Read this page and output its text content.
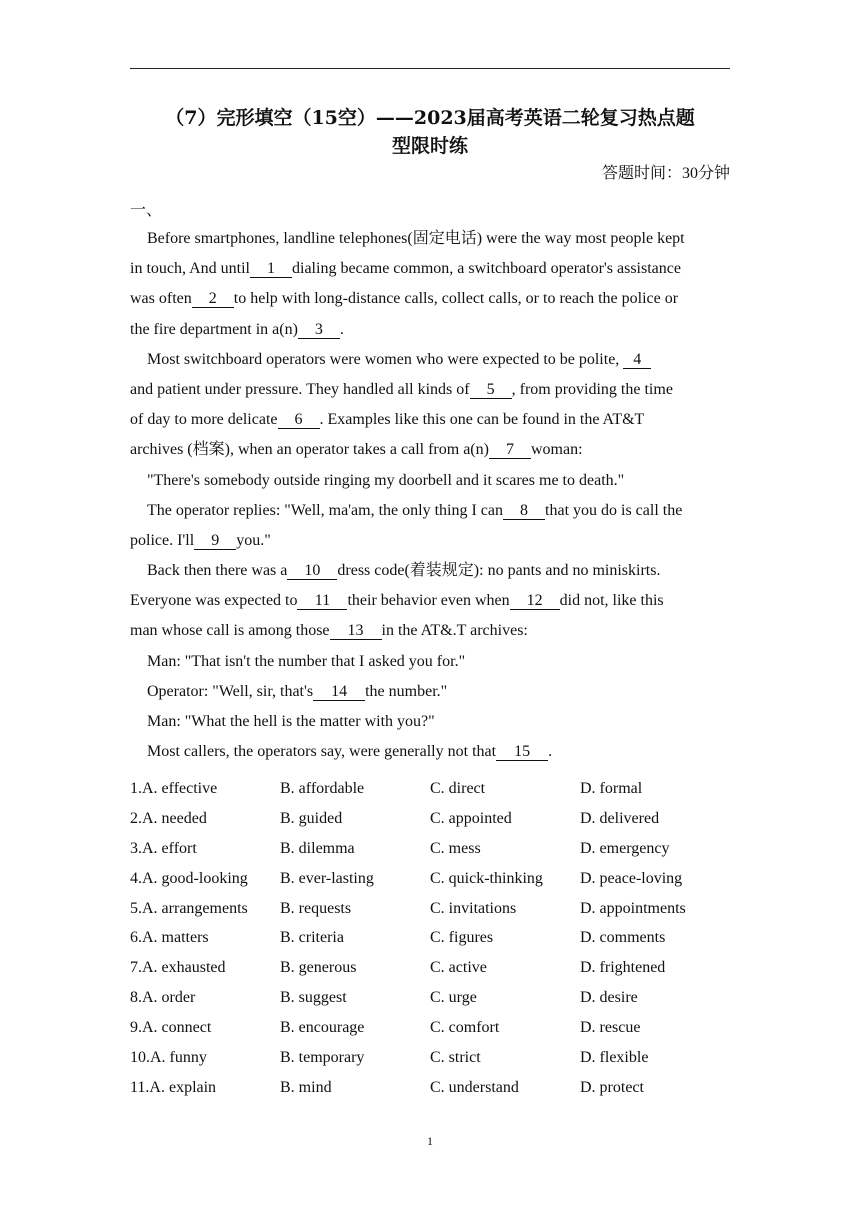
（7）完形填空（15空）——2023届高考英语二轮复习热点题
型限时练
答题时间：30分钟
一、
Before smartphones, landline telephones(固定电话) were the way most people kept
in touch, And until 1 dialing became common, a switchboard operator's assistance
was often 2 to help with long-distance calls, collect calls, or to reach the police or
the fire department in a(n) 3 .
Most switchboard operators were women who were expected to be polite, 4
and patient under pressure. They handled all kinds of 5 , from providing the time
of day to more delicate 6 . Examples like this one can be found in the AT&T
archives (档案), when an operator takes a call from a(n) 7 woman:
"There's somebody outside ringing my doorbell and it scares me to death."
The operator replies: "Well, ma'am, the only thing I can 8 that you do is call the
police. I'll 9 you."
Back then there was a 10 dress code(着装规定): no pants and no miniskirts.
Everyone was expected to 11 their behavior even when 12 did not, like this
man whose call is among those 13 in the AT&.T archives:
Man: "That isn't the number that I asked you for."
Operator: "Well, sir, that's 14 the number."
Man: "What the hell is the matter with you?"
Most callers, the operators say, were generally not that 15 .
1.A. effective	B. affordable	C. direct	D. formal
2.A. needed	B. guided	C. appointed	D. delivered
3.A. effort	B. dilemma	C. mess	D. emergency
4.A. good-looking	B. ever-lasting	C. quick-thinking	D. peace-loving
5.A. arrangements	B. requests	C. invitations	D. appointments
6.A. matters	B. criteria	C. figures	D. comments
7.A. exhausted	B. generous	C. active	D. frightened
8.A. order	B. suggest	C. urge	D. desire
9.A. connect	B. encourage	C. comfort	D. rescue
10.A. funny	B. temporary	C. strict	D. flexible
11.A. explain	B. mind	C. understand	D. protect
1
